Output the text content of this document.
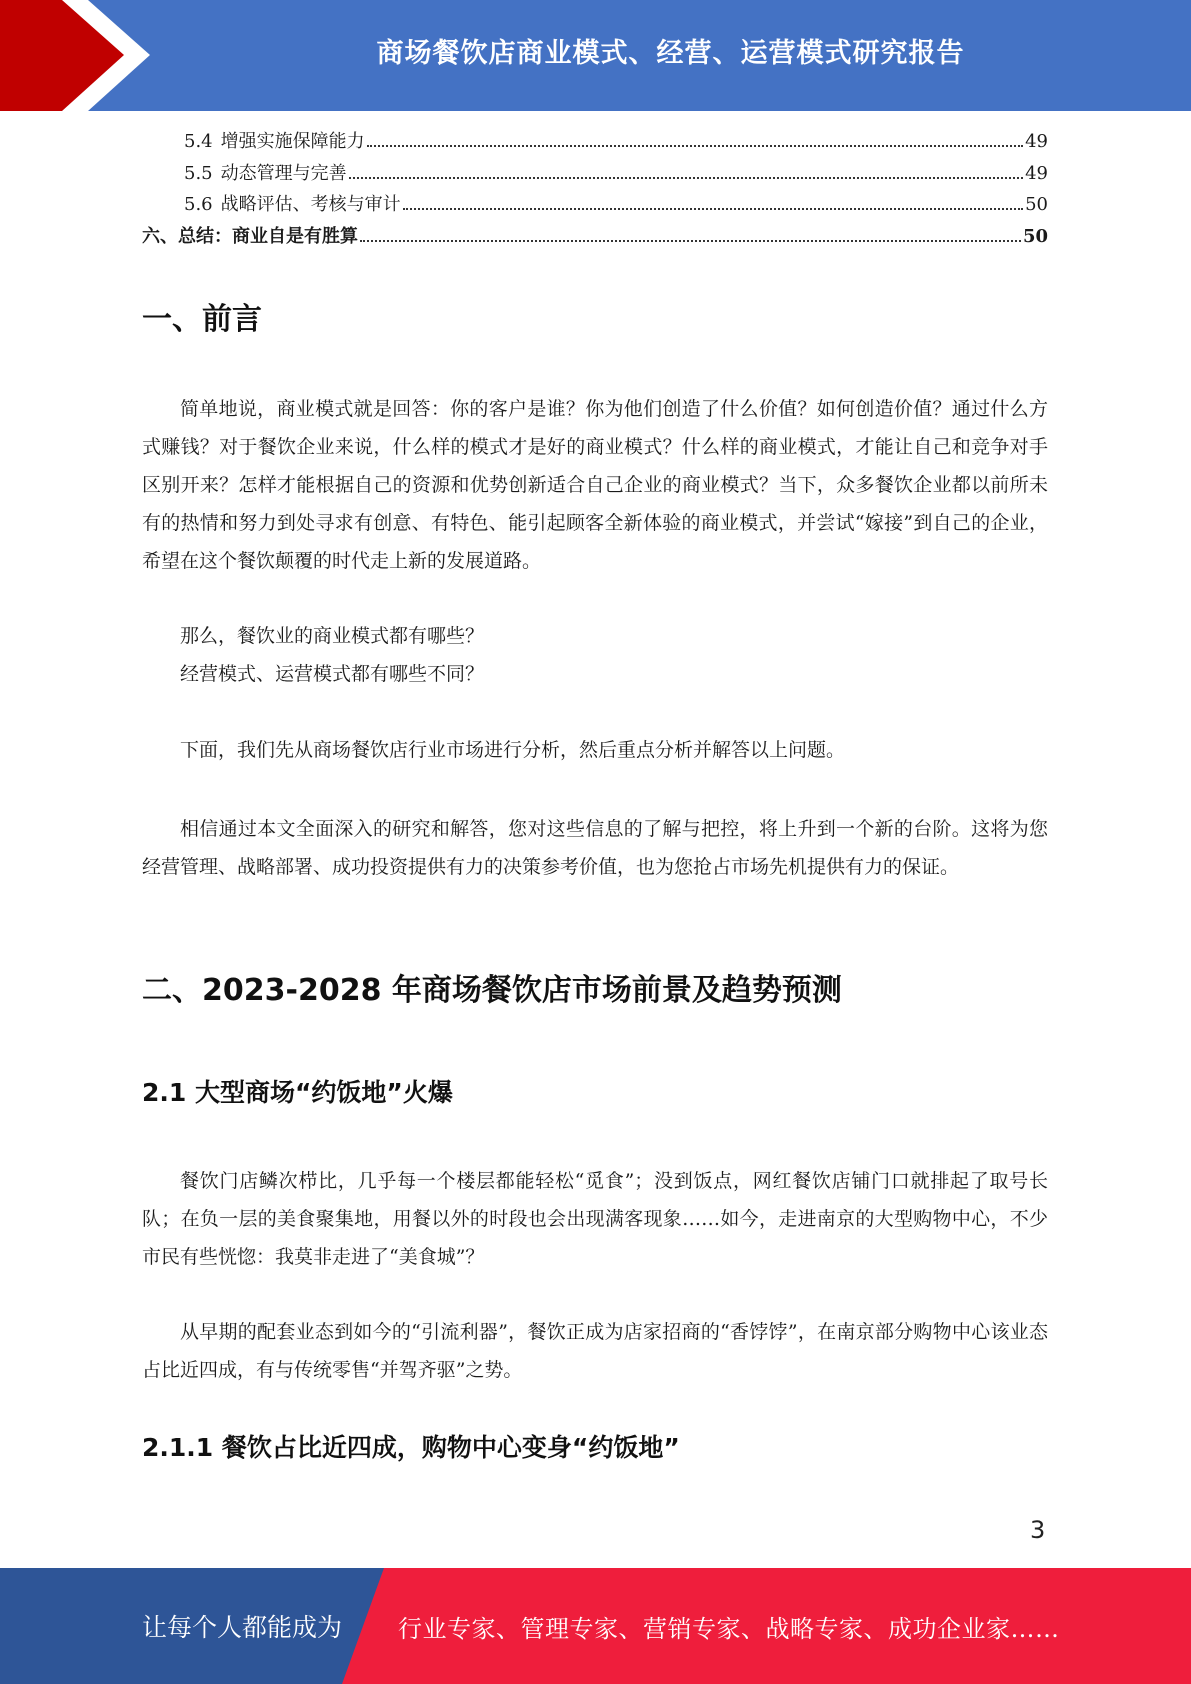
商场餐饮店商业模式、经营、运营模式研究报告
5.4 增强实施保障能力	49
5.5 动态管理与完善	49
5.6 战略评估、考核与审计	50
六、总结：商业自是有胜算	50
一、前言

简单地说，商业模式就是回答：你的客户是谁？你为他们创造了什么价值？如何创造价值？通过什么方式赚钱？对于餐饮企业来说，什么样的模式才是好的商业模式？什么样的商业模式，才能让自己和竞争对手区别开来？怎样才能根据自己的资源和优势创新适合自己企业的商业模式？当下，众多餐饮企业都以前所未有的热情和努力到处寻求有创意、有特色、能引起顾客全新体验的商业模式，并尝试“嫁接”到自己的企业，希望在这个餐饮颠覆的时代走上新的发展道路。

那么，餐饮业的商业模式都有哪些？

经营模式、运营模式都有哪些不同？

下面，我们先从商场餐饮店行业市场进行分析，然后重点分析并解答以上问题。

相信通过本文全面深入的研究和解答，您对这些信息的了解与把控，将上升到一个新的台阶。这将为您经营管理、战略部署、成功投资提供有力的决策参考价值，也为您抢占市场先机提供有力的保证。

二、2023-2028 年商场餐饮店市场前景及趋势预测
2.1 大型商场“约饭地”火爆

餐饮门店鳞次栉比，几乎每一个楼层都能轻松“觅食”；没到饭点，网红餐饮店铺门口就排起了取号长队；在负一层的美食聚集地，用餐以外的时段也会出现满客现象……如今，走进南京的大型购物中心，不少市民有些恍惚：我莫非走进了“美食城”？

从早期的配套业态到如今的“引流利器”，餐饮正成为店家招商的“香饽饽”，在南京部分购物中心该业态占比近四成，有与传统零售“并驾齐驱”之势。

2.1.1 餐饮占比近四成，购物中心变身“约饭地”
3
让每个人都能成为 行业专家、管理专家、营销专家、战略专家、成功企业家……
